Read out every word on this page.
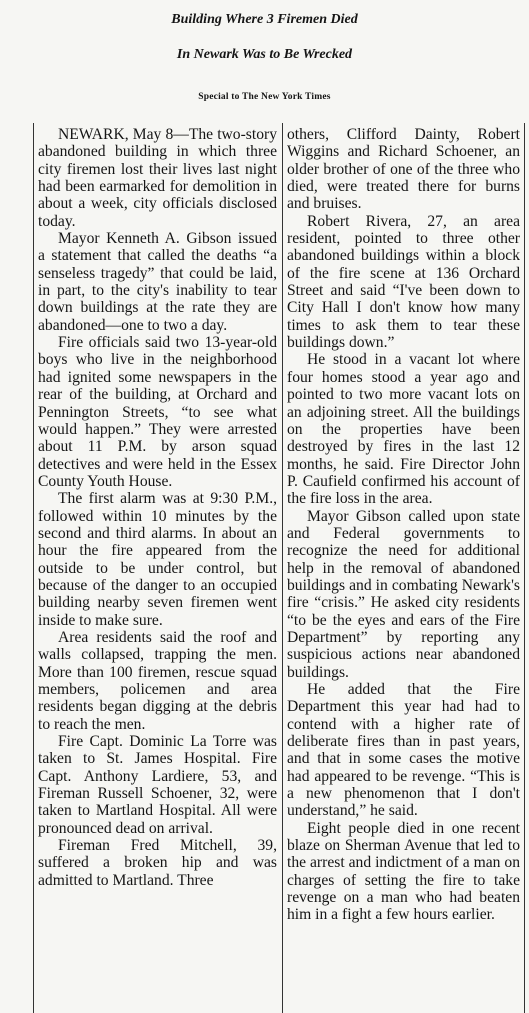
Building Where 3 Firemen Died
In Newark Was to Be Wrecked
Special to The New York Times

NEWARK, May 8—The two-story abandoned building in which three city firemen lost their lives last night had been earmarked for demolition in about a week, city officials disclosed today.

Mayor Kenneth A. Gibson issued a statement that called the deaths “a senseless tragedy” that could be laid, in part, to the city's inability to tear down buildings at the rate they are abandoned—one to two a day.

Fire officials said two 13-year-old boys who live in the neighborhood had ignited some newspapers in the rear of the building, at Orchard and Pennington Streets, “to see what would happen.” They were arrested about 11 P.M. by arson squad detectives and were held in the Essex County Youth House.

The first alarm was at 9:30 P.M., followed within 10 minutes by the second and third alarms. In about an hour the fire appeared from the outside to be under control, but because of the danger to an occupied building nearby seven firemen went inside to make sure.

Area residents said the roof and walls collapsed, trapping the men. More than 100 firemen, rescue squad members, policemen and area residents began digging at the debris to reach the men.

Fire Capt. Dominic La Torre was taken to St. James Hospital. Fire Capt. Anthony Lardiere, 53, and Fireman Russell Schoener, 32, were taken to Martland Hospital. All were pronounced dead on arrival.

Fireman Fred Mitchell, 39, suffered a broken hip and was admitted to Martland. Three

others, Clifford Dainty, Robert Wiggins and Richard Schoener, an older brother of one of the three who died, were treated there for burns and bruises.

Robert Rivera, 27, an area resident, pointed to three other abandoned buildings within a block of the fire scene at 136 Orchard Street and said “I've been down to City Hall I don't know how many times to ask them to tear these buildings down.”

He stood in a vacant lot where four homes stood a year ago and pointed to two more vacant lots on an adjoining street. All the buildings on the properties have been destroyed by fires in the last 12 months, he said. Fire Director John P. Caufield confirmed his account of the fire loss in the area.

Mayor Gibson called upon state and Federal governments to recognize the need for additional help in the removal of abandoned buildings and in combating Newark's fire “crisis.” He asked city residents “to be the eyes and ears of the Fire Department” by reporting any suspicious actions near abandoned buildings.

He added that the Fire Department this year had had to contend with a higher rate of deliberate fires than in past years, and that in some cases the motive had appeared to be revenge. “This is a new phenomenon that I don't understand,” he said.

Eight people died in one recent blaze on Sherman Avenue that led to the arrest and indictment of a man on charges of setting the fire to take revenge on a man who had beaten him in a fight a few hours earlier.
